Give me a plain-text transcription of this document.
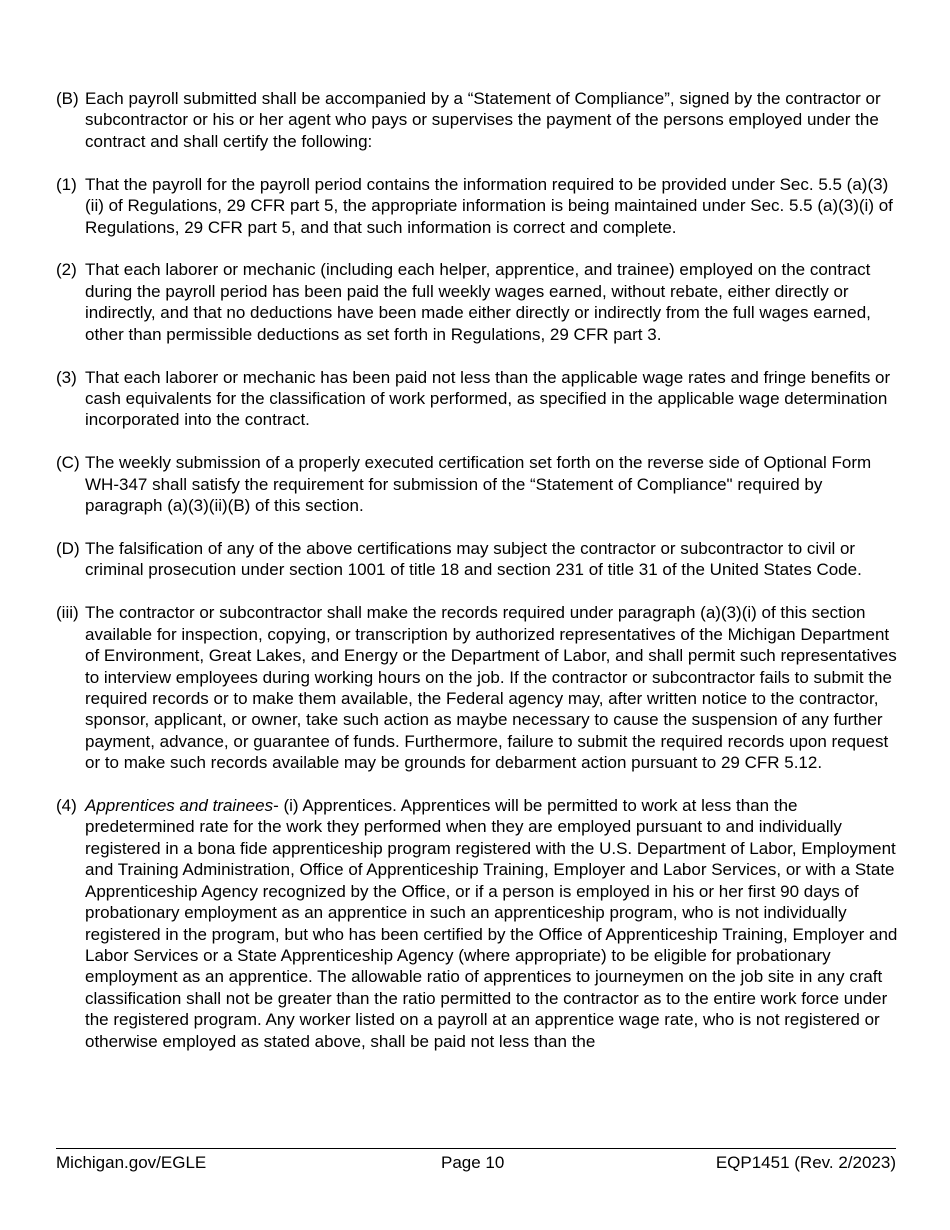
(B) Each payroll submitted shall be accompanied by a “Statement of Compliance”, signed by the contractor or subcontractor or his or her agent who pays or supervises the payment of the persons employed under the contract and shall certify the following:
(1) That the payroll for the payroll period contains the information required to be provided under Sec. 5.5 (a)(3)(ii) of Regulations, 29 CFR part 5, the appropriate information is being maintained under Sec. 5.5 (a)(3)(i) of Regulations, 29 CFR part 5, and that such information is correct and complete.
(2) That each laborer or mechanic (including each helper, apprentice, and trainee) employed on the contract during the payroll period has been paid the full weekly wages earned, without rebate, either directly or indirectly, and that no deductions have been made either directly or indirectly from the full wages earned, other than permissible deductions as set forth in Regulations, 29 CFR part 3.
(3) That each laborer or mechanic has been paid not less than the applicable wage rates and fringe benefits or cash equivalents for the classification of work performed, as specified in the applicable wage determination incorporated into the contract.
(C) The weekly submission of a properly executed certification set forth on the reverse side of Optional Form WH-347 shall satisfy the requirement for submission of the “Statement of Compliance" required by paragraph (a)(3)(ii)(B) of this section.
(D) The falsification of any of the above certifications may subject the contractor or subcontractor to civil or criminal prosecution under section 1001 of title 18 and section 231 of title 31 of the United States Code.
(iii) The contractor or subcontractor shall make the records required under paragraph (a)(3)(i) of this section available for inspection, copying, or transcription by authorized representatives of the Michigan Department of Environment, Great Lakes, and Energy or the Department of Labor, and shall permit such representatives to interview employees during working hours on the job. If the contractor or subcontractor fails to submit the required records or to make them available, the Federal agency may, after written notice to the contractor, sponsor, applicant, or owner, take such action as maybe necessary to cause the suspension of any further payment, advance, or guarantee of funds. Furthermore, failure to submit the required records upon request or to make such records available may be grounds for debarment action pursuant to 29 CFR 5.12.
(4) Apprentices and trainees- (i) Apprentices. Apprentices will be permitted to work at less than the predetermined rate for the work they performed when they are employed pursuant to and individually registered in a bona fide apprenticeship program registered with the U.S. Department of Labor, Employment and Training Administration, Office of Apprenticeship Training, Employer and Labor Services, or with a State Apprenticeship Agency recognized by the Office, or if a person is employed in his or her first 90 days of probationary employment as an apprentice in such an apprenticeship program, who is not individually registered in the program, but who has been certified by the Office of Apprenticeship Training, Employer and Labor Services or a State Apprenticeship Agency (where appropriate) to be eligible for probationary employment as an apprentice. The allowable ratio of apprentices to journeymen on the job site in any craft classification shall not be greater than the ratio permitted to the contractor as to the entire work force under the registered program. Any worker listed on a payroll at an apprentice wage rate, who is not registered or otherwise employed as stated above, shall be paid not less than the
Michigan.gov/EGLE	Page 10	EQP1451 (Rev. 2/2023)
